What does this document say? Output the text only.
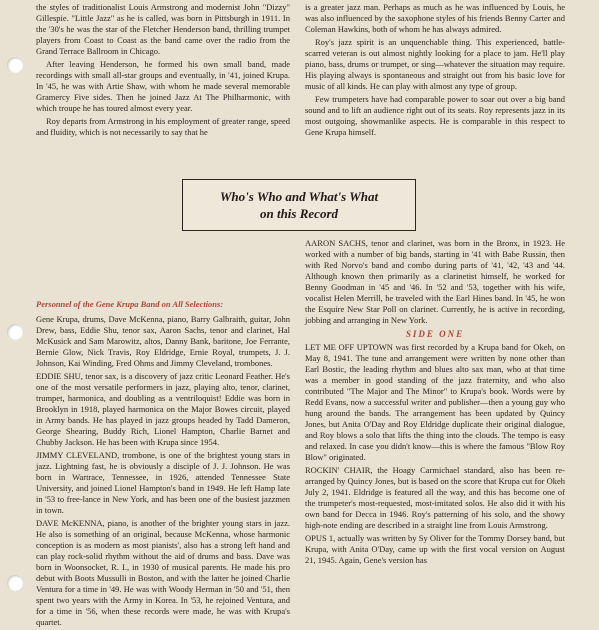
the styles of traditionalist Louis Armstrong and modernist John "Dizzy" Gillespie. "Little Jazz" as he is called, was born in Pittsburgh in 1911. In the '30's he was the star of the Fletcher Henderson band, thrilling trumpet players from Coast to Coast as the band came over the radio from the Grand Terrace Ballroom in Chicago.

After leaving Henderson, he formed his own small band, made recordings with small all-star groups and eventually, in '41, joined Krupa. In '45, he was with Artie Shaw, with whom he made several memorable Gramercy Five sides. Then he joined Jazz At The Philharmonic, with which troupe he has toured almost every year.

Roy departs from Armstrong in his employment of greater range, speed and fluidity, which is not necessarily to say that he

is a greater jazz man. Perhaps as much as he was influenced by Louis, he was also influenced by the saxophone styles of his friends Benny Carter and Coleman Hawkins, both of whom he has always admired.

Roy's jazz spirit is an unquenchable thing. This experienced, battle-scarred veteran is out almost nightly looking for a place to jam. He'll play piano, bass, drums or trumpet, or sing—whatever the situation may require. His playing always is spontaneous and straight out from his basic love for music of all kinds. He can play with almost any type of group.

Few trumpeters have had comparable power to soar out over a big band sound and to lift an audience right out of its seats. Roy represents jazz in its most outgoing, showmanlike aspects. He is comparable in this respect to Gene Krupa himself.

Who's Who and What's What
on this Record
Personnel of the Gene Krupa Band on All Selections:

Gene Krupa, drums, Dave McKenna, piano, Barry Galbraith, guitar, John Drew, bass, Eddie Shu, tenor sax, Aaron Sachs, tenor and clarinet, Hal McKusick and Sam Marowitz, altos, Danny Bank, baritone, Joe Ferrante, Bernie Glow, Nick Travis, Roy Eldridge, Ernie Royal, trumpets, J. J. Johnson, Kai Winding, Fred Ohms and Jimmy Cleveland, trombones.

EDDIE SHU, tenor sax, is a discovery of jazz critic Leonard Feather. He's one of the most versatile performers in jazz, playing alto, tenor, clarinet, trumpet, harmonica, and doubling as a ventriloquist! Eddie was born in Brooklyn in 1918, played harmonica on the Major Bowes circuit, played in Army bands. He has played in jazz groups headed by Tadd Dameron, George Shearing, Buddy Rich, Lionel Hampton, Charlie Barnet and Chubby Jackson. He has been with Krupa since 1954.

JIMMY CLEVELAND, trombone, is one of the brightest young stars in jazz. Lightning fast, he is obviously a disciple of J. J. Johnson. He was born in Wartrace, Tennessee, in 1926, attended Tennessee State University, and joined Lionel Hampton's band in 1949. He left Hamp late in '53 to free-lance in New York, and has been one of the busiest jazzmen in town.

DAVE McKENNA, piano, is another of the brighter young stars in jazz. He also is something of an original, because McKenna, whose harmonic conception is as modern as most pianists', also has a strong left hand and can play rock-solid rhythm without the aid of drums and bass. Dave was born in Woonsocket, R. I., in 1930 of musical parents. He made his pro debut with Boots Mussulli in Boston, and with the latter he joined Charlie Ventura for a time in '49. He was with Woody Herman in '50 and '51, then spent two years with the Army in Korea. In '53, he rejoined Ventura, and for a time in '56, when these records were made, he was with Krupa's quartet.

AARON SACHS, tenor and clarinet, was born in the Bronx, in 1923. He worked with a number of big bands, starting in '41 with Babe Russin, then with Red Norvo's band and combo during parts of '41, '42, '43 and '44. Although known then primarily as a clarinetist himself, he worked for Benny Goodman in '45 and '46. In '52 and '53, together with his wife, vocalist Helen Merrill, he traveled with the Earl Hines band. In '45, he won the Esquire New Star Poll on clarinet. Currently, he is active in recording, jobbing and arranging in New York.

SIDE ONE

LET ME OFF UPTOWN was first recorded by a Krupa band for Okeh, on May 8, 1941. The tune and arrangement were written by none other than Earl Bostic, the leading rhythm and blues alto sax man, who at that time was a member in good standing of the jazz fraternity, and who also contributed "The Major and The Minor" to Krupa's book. Words were by Redd Evans, now a successful writer and publisher—then a young guy who hung around the bands. The arrangement has been updated by Quincy Jones, but Anita O'Day and Roy Eldridge duplicate their original dialogue, and Roy blows a solo that lifts the thing into the clouds. The tempo is easy and relaxed. In case you didn't know—this is where the famous "Blow Roy Blow" originated.

ROCKIN' CHAIR, the Hoagy Carmichael standard, also has been re-arranged by Quincy Jones, but is based on the score that Krupa cut for Okeh July 2, 1941. Eldridge is featured all the way, and this has become one of the trumpeter's most-requested, most-imitated solos. He also did it with his own band for Decca in 1946. Roy's patterning of his solo, and the showy high-note ending are described in a straight line from Louis Armstrong.

OPUS 1, actually was written by Sy Oliver for the Tommy Dorsey band, but Krupa, with Anita O'Day, came up with the first vocal version on August 21, 1945. Again, Gene's version has
